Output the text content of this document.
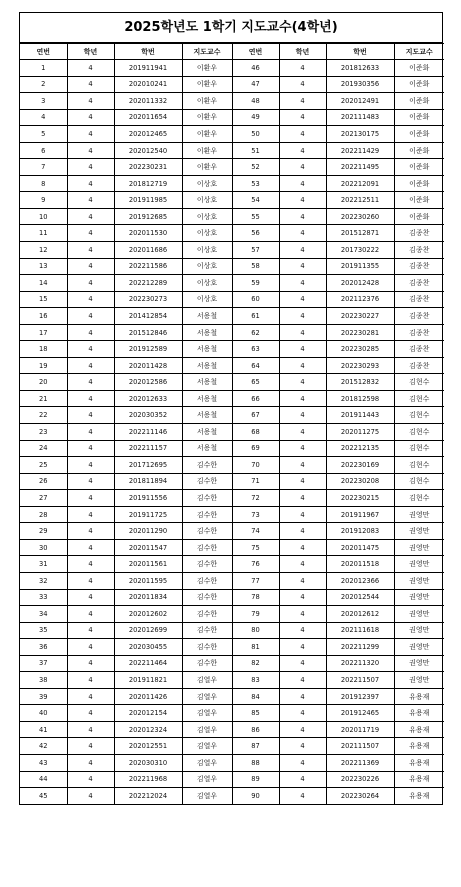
2025학년도 1학기 지도교수(4학년)
연번	학년	학번	지도교수	연번	학년	학번	지도교수
1	4	201911941	이환우	46	4	201812633	이준화
2	4	202010241	이환우	47	4	201930356	이준화
3	4	202011332	이환우	48	4	202012491	이준화
4	4	202011654	이환우	49	4	202111483	이준화
5	4	202012465	이환우	50	4	202130175	이준화
6	4	202012540	이환우	51	4	202211429	이준화
7	4	202230231	이환우	52	4	202211495	이준화
8	4	201812719	이상호	53	4	202212091	이준화
9	4	201911985	이상호	54	4	202212511	이준화
10	4	201912685	이상호	55	4	202230260	이준화
11	4	202011530	이상호	56	4	201512871	김종찬
12	4	202011686	이상호	57	4	201730222	김종찬
13	4	202211586	이상호	58	4	201911355	김종찬
14	4	202212289	이상호	59	4	202012428	김종찬
15	4	202230273	이상호	60	4	202112376	김종찬
16	4	201412854	서용철	61	4	202230227	김종찬
17	4	201512846	서용철	62	4	202230281	김종찬
18	4	201912589	서용철	63	4	202230285	김종찬
19	4	202011428	서용철	64	4	202230293	김종찬
20	4	202012586	서용철	65	4	201512832	김현수
21	4	202012633	서용철	66	4	201812598	김현수
22	4	202030352	서용철	67	4	201911443	김현수
23	4	202211146	서용철	68	4	202011275	김현수
24	4	202211157	서용철	69	4	202212135	김현수
25	4	201712695	김수한	70	4	202230169	김현수
26	4	201811894	김수한	71	4	202230208	김현수
27	4	201911556	김수한	72	4	202230215	김현수
28	4	201911725	김수한	73	4	201911967	권영만
29	4	202011290	김수한	74	4	201912083	권영만
30	4	202011547	김수한	75	4	202011475	권영만
31	4	202011561	김수한	76	4	202011518	권영만
32	4	202011595	김수한	77	4	202012366	권영만
33	4	202011834	김수한	78	4	202012544	권영만
34	4	202012602	김수한	79	4	202012612	권영만
35	4	202012699	김수한	80	4	202111618	권영만
36	4	202030455	김수한	81	4	202211299	권영만
37	4	202211464	김수한	82	4	202211320	권영만
38	4	201911821	김열우	83	4	202211507	권영만
39	4	202011426	김열우	84	4	201912397	유용재
40	4	202012154	김열우	85	4	201912465	유용재
41	4	202012324	김열우	86	4	202011719	유용재
42	4	202012551	김열우	87	4	202111507	유용재
43	4	202030310	김열우	88	4	202211369	유용재
44	4	202211968	김열우	89	4	202230226	유용재
45	4	202212024	김열우	90	4	202230264	유용재
